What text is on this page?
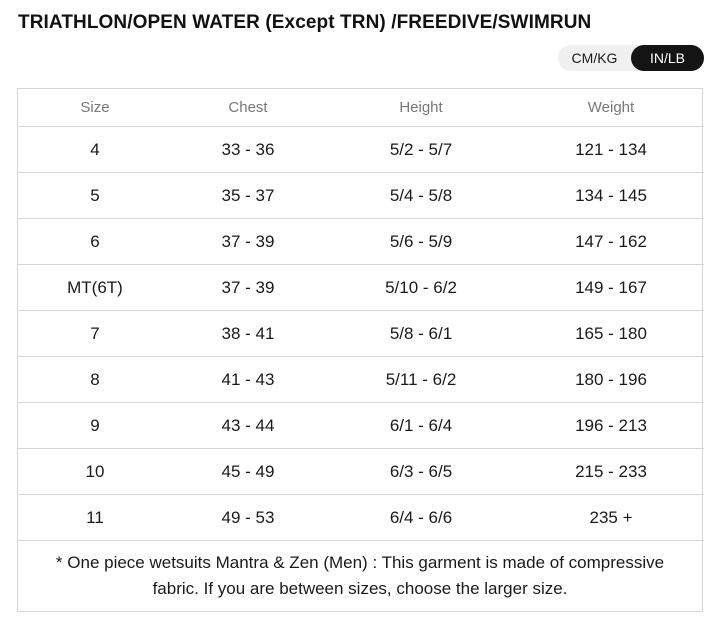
TRIATHLON/OPEN WATER (Except TRN) /FREEDIVE/SWIMRUN
CM/KG	IN/LB
Size	Chest	Height	Weight
4	33 - 36	5/2 - 5/7	121 - 134
5	35 - 37	5/4 - 5/8	134 - 145
6	37 - 39	5/6 - 5/9	147 - 162
MT(6T)	37 - 39	5/10 - 6/2	149 - 167
7	38 - 41	5/8 - 6/1	165 - 180
8	41 - 43	5/11 - 6/2	180 - 196
9	43 - 44	6/1 - 6/4	196 - 213
10	45 - 49	6/3 - 6/5	215 - 233
11	49 - 53	6/4 - 6/6	235 +
* One piece wetsuits Mantra & Zen (Men) : This garment is made of compressive fabric. If you are between sizes, choose the larger size.
